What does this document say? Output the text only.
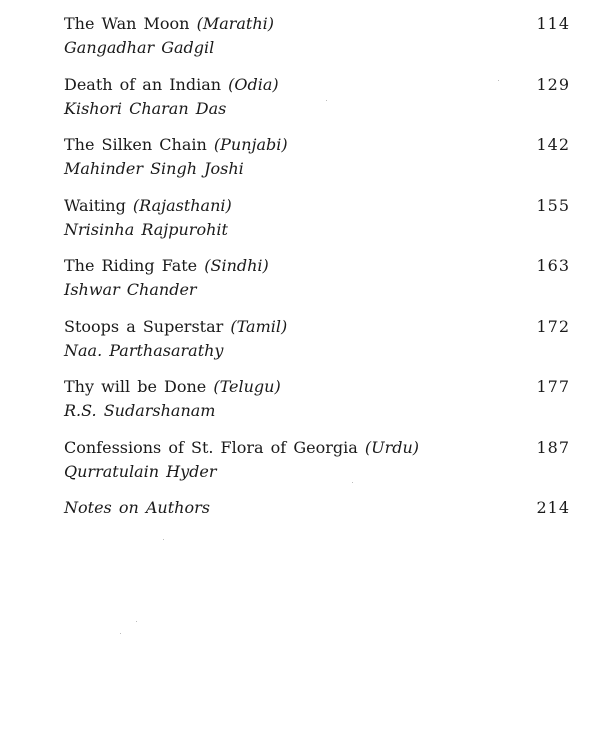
The Wan Moon (Marathi)
Gangadhar Gadgil
114
Death of an Indian (Odia)
Kishori Charan Das
129
The Silken Chain (Punjabi)
Mahinder Singh Joshi
142
Waiting (Rajasthani)
Nrisinha Rajpurohit
155
The Riding Fate (Sindhi)
Ishwar Chander
163
Stoops a Superstar (Tamil)
Naa. Parthasarathy
172
Thy will be Done (Telugu)
R.S. Sudarshanam
177
Confessions of St. Flora of Georgia (Urdu)
Qurratulain Hyder
187
Notes on Authors	214
